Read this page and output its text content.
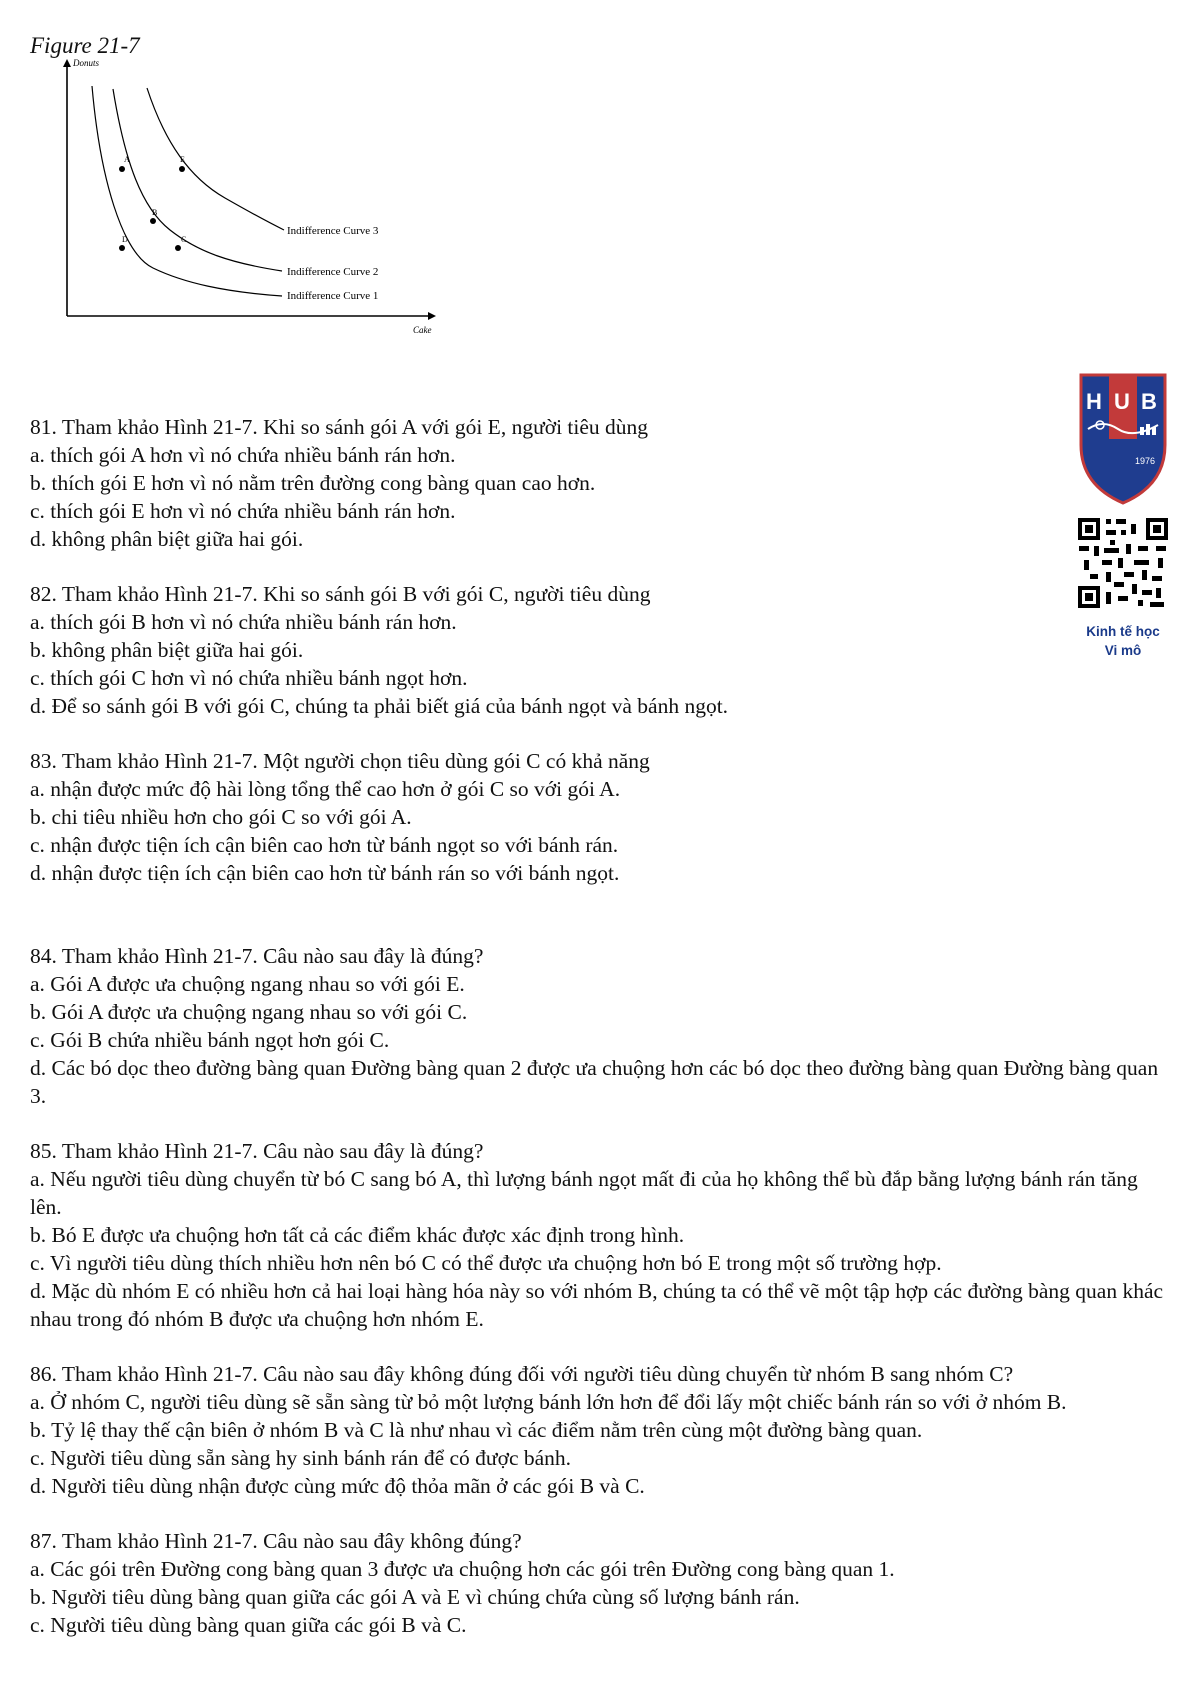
Figure 21-7
Donuts
Cake
Indifference Curve 3
Indifference Curve 2
Indifference Curve 1
A	E
B
C
D
81. Tham khảo Hình 21-7. Khi so sánh gói A với gói E, người tiêu dùng
a. thích gói A hơn vì nó chứa nhiều bánh rán hơn.
b. thích gói E hơn vì nó nằm trên đường cong bàng quan cao hơn.
c. thích gói E hơn vì nó chứa nhiều bánh rán hơn.
d. không phân biệt giữa hai gói.
82. Tham khảo Hình 21-7. Khi so sánh gói B với gói C, người tiêu dùng
a. thích gói B hơn vì nó chứa nhiều bánh rán hơn.
b. không phân biệt giữa hai gói.
c. thích gói C hơn vì nó chứa nhiều bánh ngọt hơn.
d. Để so sánh gói B với gói C, chúng ta phải biết giá của bánh ngọt và bánh ngọt.
83. Tham khảo Hình 21-7. Một người chọn tiêu dùng gói C có khả năng
a. nhận được mức độ hài lòng tổng thể cao hơn ở gói C so với gói A.
b. chi tiêu nhiều hơn cho gói C so với gói A.
c. nhận được tiện ích cận biên cao hơn từ bánh ngọt so với bánh rán.
d. nhận được tiện ích cận biên cao hơn từ bánh rán so với bánh ngọt.
84. Tham khảo Hình 21-7. Câu nào sau đây là đúng?
a. Gói A được ưa chuộng ngang nhau so với gói E.
b. Gói A được ưa chuộng ngang nhau so với gói C.
c. Gói B chứa nhiều bánh ngọt hơn gói C.
d. Các bó dọc theo đường bàng quan Đường bàng quan 2 được ưa chuộng hơn các bó dọc theo đường bàng quan Đường bàng quan 3.
85. Tham khảo Hình 21-7. Câu nào sau đây là đúng?
a. Nếu người tiêu dùng chuyển từ bó C sang bó A, thì lượng bánh ngọt mất đi của họ không thể bù đắp bằng lượng bánh rán tăng lên.
b. Bó E được ưa chuộng hơn tất cả các điểm khác được xác định trong hình.
c. Vì người tiêu dùng thích nhiều hơn nên bó C có thể được ưa chuộng hơn bó E trong một số trường hợp.
d. Mặc dù nhóm E có nhiều hơn cả hai loại hàng hóa này so với nhóm B, chúng ta có thể vẽ một tập hợp các đường bàng quan khác nhau trong đó nhóm B được ưa chuộng hơn nhóm E.
86. Tham khảo Hình 21-7. Câu nào sau đây không đúng đối với người tiêu dùng chuyển từ nhóm B sang nhóm C?
a. Ở nhóm C, người tiêu dùng sẽ sẵn sàng từ bỏ một lượng bánh lớn hơn để đổi lấy một chiếc bánh rán so với ở nhóm B.
b. Tỷ lệ thay thế cận biên ở nhóm B và C là như nhau vì các điểm nằm trên cùng một đường bàng quan.
c. Người tiêu dùng sẵn sàng hy sinh bánh rán để có được bánh.
d. Người tiêu dùng nhận được cùng mức độ thỏa mãn ở các gói B và C.
87. Tham khảo Hình 21-7. Câu nào sau đây không đúng?
a. Các gói trên Đường cong bàng quan 3 được ưa chuộng hơn các gói trên Đường cong bàng quan 1.
b. Người tiêu dùng bàng quan giữa các gói A và E vì chúng chứa cùng số lượng bánh rán.
c. Người tiêu dùng bàng quan giữa các gói B và C.
H U B
1976
Kinh tế học
Vi mô
